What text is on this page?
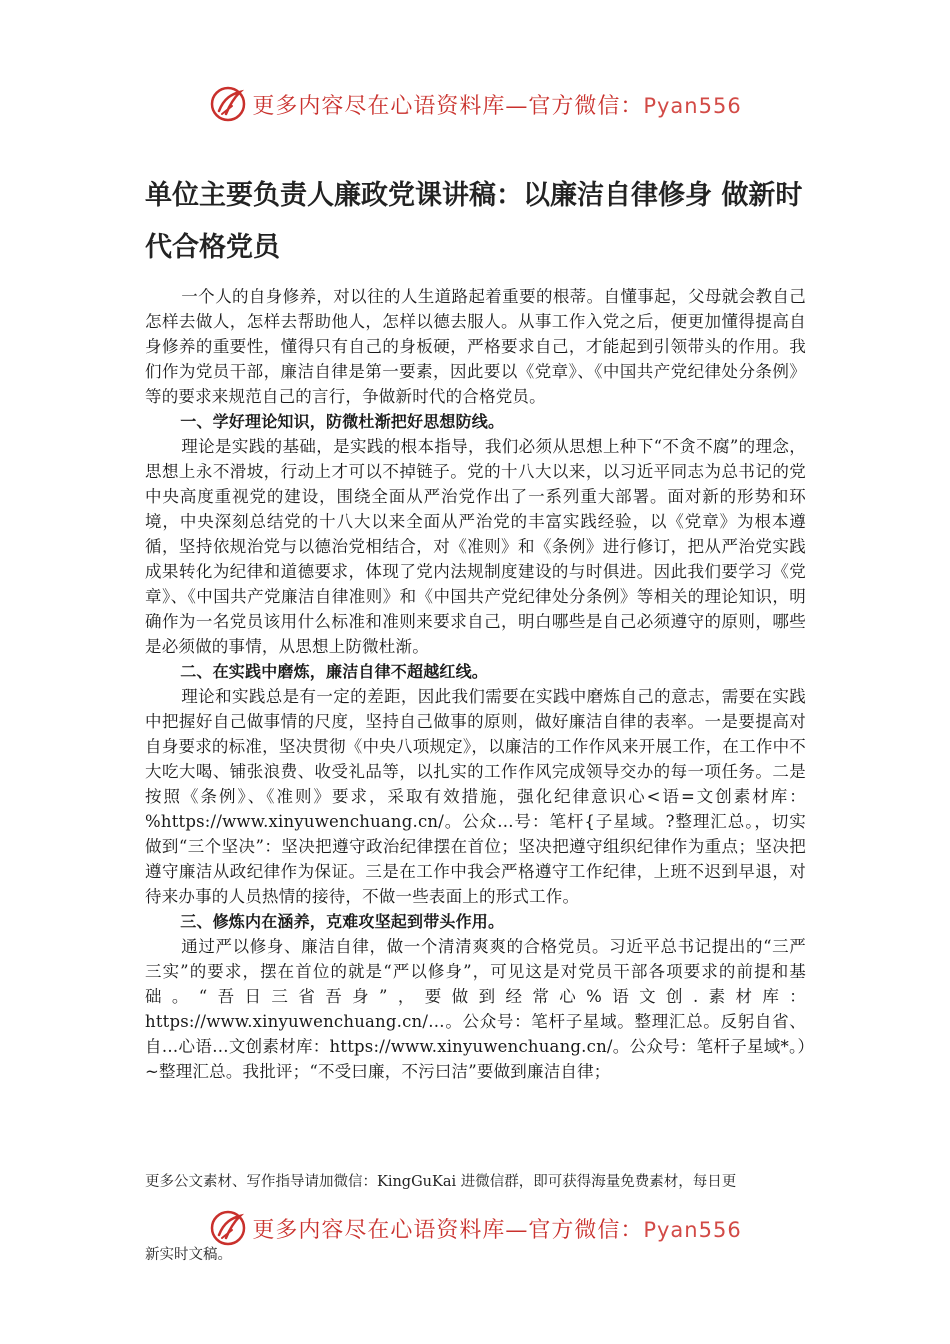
更多内容尽在心语资料库—官方微信：Pyan556
单位主要负责人廉政党课讲稿：以廉洁自律修身 做新时代合格党员

一个人的自身修养，对以往的人生道路起着重要的根蒂。自懂事起，父母就会教自己怎样去做人，怎样去帮助他人，怎样以德去服人。从事工作入党之后，便更加懂得提高自身修养的重要性，懂得只有自己的身板硬，严格要求自己，才能起到引领带头的作用。我们作为党员干部，廉洁自律是第一要素，因此要以《党章》、《中国共产党纪律处分条例》等的要求来规范自己的言行，争做新时代的合格党员。

一、学好理论知识，防微杜渐把好思想防线。

理论是实践的基础，是实践的根本指导，我们必须从思想上种下“不贪不腐”的理念，思想上永不滑坡，行动上才可以不掉链子。党的十八大以来，以习近平同志为总书记的党中央高度重视党的建设，围绕全面从严治党作出了一系列重大部署。面对新的形势和环境，中央深刻总结党的十八大以来全面从严治党的丰富实践经验，以《党章》为根本遵循，坚持依规治党与以德治党相结合，对《准则》和《条例》进行修订，把从严治党实践成果转化为纪律和道德要求，体现了党内法规制度建设的与时俱进。因此我们要学习《党章》、《中国共产党廉洁自律准则》和《中国共产党纪律处分条例》等相关的理论知识，明确作为一名党员该用什么标准和准则来要求自己，明白哪些是自己必须遵守的原则，哪些是必须做的事情，从思想上防微杜渐。

二、在实践中磨炼，廉洁自律不超越红线。

理论和实践总是有一定的差距，因此我们需要在实践中磨炼自己的意志，需要在实践中把握好自己做事情的尺度，坚持自己做事的原则，做好廉洁自律的表率。一是要提高对自身要求的标准，坚决贯彻《中央八项规定》，以廉洁的工作作风来开展工作，在工作中不大吃大喝、铺张浪费、收受礼品等，以扎实的工作作风完成领导交办的每一项任务。二是按照《条例》、《准则》要求，采取有效措施，强化纪律意识心<语=文创素材库：%https://www.xinyuwenchuang.cn/。公众…号：笔杆{子星域。?整理汇总。，切实做到“三个坚决”：坚决把遵守政治纪律摆在首位；坚决把遵守组织纪律作为重点；坚决把遵守廉洁从政纪律作为保证。三是在工作中我会严格遵守工作纪律，上班不迟到早退，对待来办事的人员热情的接待，不做一些表面上的形式工作。

三、修炼内在涵养，克难攻坚起到带头作用。

通过严以修身、廉洁自律，做一个清清爽爽的合格党员。习近平总书记提出的“三严三实”的要求，摆在首位的就是“严以修身”，可见这是对党员干部各项要求的前提和基础。“吾日三省吾身”，要做到经常心%语文创.素材库：https://www.xinyuwenchuang.cn/…。公众号：笔杆子星域。整理汇总。反躬自省、自…心语…文创素材库：https://www.xinyuwenchuang.cn/。公众号：笔杆子星域*。）~整理汇总。我批评；“不受曰廉，不污曰洁”要做到廉洁自律；

更多公文素材、写作指导请加微信：KingGuKai 进微信群，即可获得海量免费素材，每日更

更多内容尽在心语资料库—官方微信：Pyan556

新实时文稿。
